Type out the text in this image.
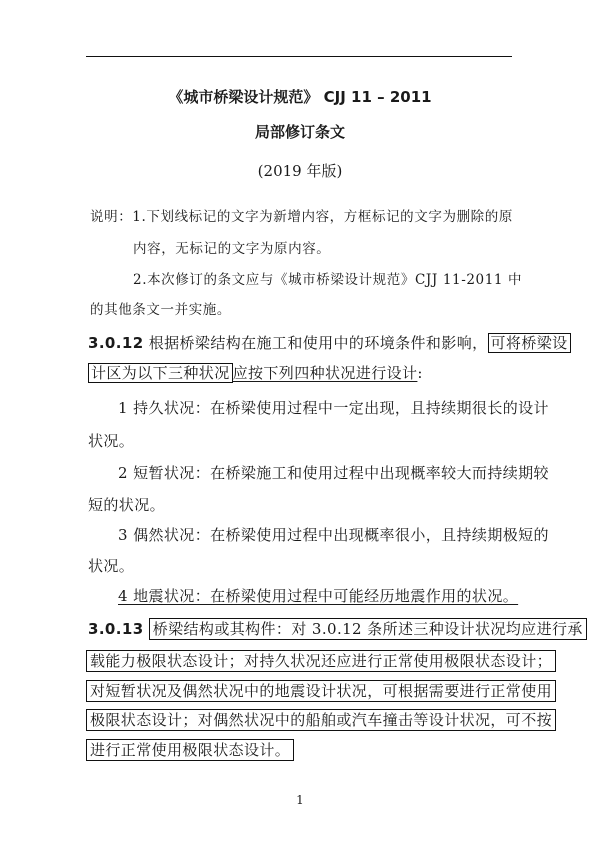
《城市桥梁设计规范》 CJJ 11 – 2011
局部修订条文
(2019 年版)
说明：1.下划线标记的文字为新增内容，方框标记的文字为删除的原
内容，无标记的文字为原内容。
2.本次修订的条文应与《城市桥梁设计规范》CJJ 11-2011 中
的其他条文一并实施。
3.0.12 根据桥梁结构在施工和使用中的环境条件和影响， 可将桥梁设
计区为以下三种状况 应按下列四种状况进行设计:
1 持久状况：在桥梁使用过程中一定出现，且持续期很长的设计
状况。
2 短暂状况：在桥梁施工和使用过程中出现概率较大而持续期较
短的状况。
3 偶然状况：在桥梁使用过程中出现概率很小，且持续期极短的
状况。
4 地震状况：在桥梁使用过程中可能经历地震作用的状况。
3.0.13 桥梁结构或其构件：对 3.0.12 条所述三种设计状况均应进行承
载能力极限状态设计；对持久状况还应进行正常使用极限状态设计；
对短暂状况及偶然状况中的地震设计状况，可根据需要进行正常使用
极限状态设计；对偶然状况中的船舶或汽车撞击等设计状况，可不按
进行正常使用极限状态设计。
1
